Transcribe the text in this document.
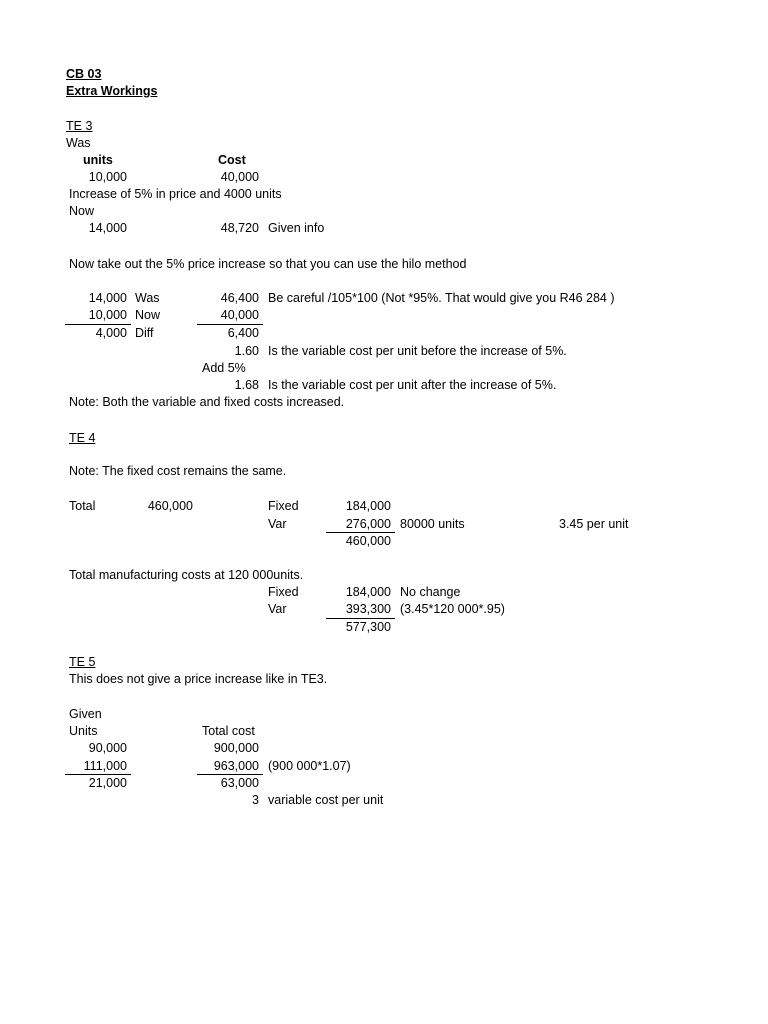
CB 03
Extra Workings
TE 3
Was
units	Cost
10,000	40,000
Increase of 5% in price and 4000 units
Now
14,000	48,720 Given info
Now take out the 5% price increase so that you can use the hilo method
14,000 Was	46,400 Be careful /105*100 (Not *95%. That would give you R46 284 )
10,000 Now	40,000
4,000 Diff	6,400
1.60 Is the variable cost per unit before the increase of 5%.
Add 5%
1.68 Is the variable cost per unit after the increase of 5%.
Note: Both the variable and fixed costs increased.
TE 4
Note: The fixed cost remains the same.
Total	460,000	Fixed	184,000
Var	276,000 80000 units	3.45 per unit
460,000
Total manufacturing costs at 120 000units.
Fixed	184,000 No change
Var	393,300 (3.45*120 000*.95)
577,300
TE 5
This does not give a price increase like in TE3.
Given
Units	Total cost
90,000	900,000
111,000	963,000 (900 000*1.07)
21,000	63,000
3 variable cost per unit
